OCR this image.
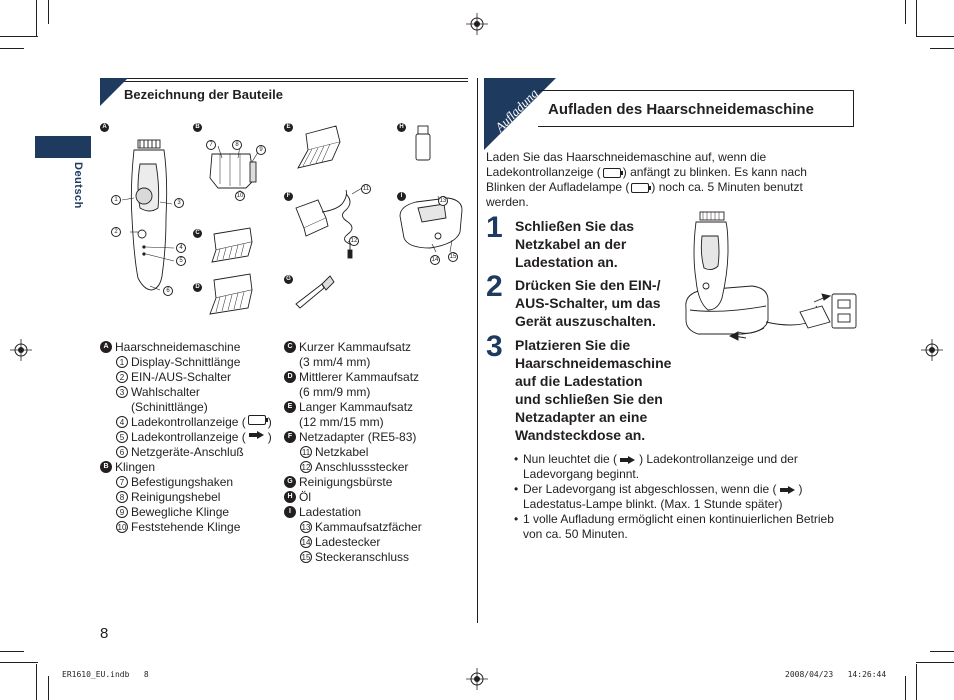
Deutsch
Bezeichnung der Bauteile
A	B	E	H
F	I
C
G
D
1
2
3
4
5
6
7	8
9
10
11
12
13
14 15
A Haarschneidemaschine
1 Display-Schnittlänge
2 EIN-/AUS-Schalter
3 Wahlschalter
(Schinittlänge)
4 Ladekontrollanzeige ( )
5 Ladekontrollanzeige ( )
6 Netzgeräte-Anschluß
B Klingen
7 Befestigungshaken
8 Reinigungshebel
9 Bewegliche Klinge
10 Feststehende Klinge
C Kurzer Kammaufsatz
(3 mm/4 mm)
D Mittlerer Kammaufsatz
(6 mm/9 mm)
E Langer Kammaufsatz
(12 mm/15 mm)
F Netzadapter (RE5-83)
11 Netzkabel
12 Anschlussstecker
G Reinigungsbürste
H Öl
I Ladestation
13 Kammaufsatzfächer
14 Ladestecker
15 Steckeranschluss
Aufladung Aufladen des Haarschneidemaschine
Laden Sie das Haarschneidemaschine auf, wenn die
Ladekontrollanzeige ( ) anfängt zu blinken. Es kann nach
Blinken der Aufladelampe ( ) noch ca. 5 Minuten benutzt
werden.
1 Schließen Sie das
Netzkabel an der
Ladestation an.
2 Drücken Sie den EIN-/
AUS-Schalter, um das
Gerät auszuschalten.
3 Platzieren Sie die
Haarschneidemaschine
auf die Ladestation
und schließen Sie den
Netzadapter an eine
Wandsteckdose an.
• Nun leuchtet die ( ) Ladekontrollanzeige und der
Ladevorgang beginnt.
• Der Ladevorgang ist abgeschlossen, wenn die ( )
Ladestatus-Lampe blinkt. (Max. 1 Stunde später)
• 1 volle Aufladung ermöglicht einen kontinuierlichen Betrieb
von ca. 50 Minuten.
8
ER1610_EU.indb   8	2008/04/23   14:26:44
